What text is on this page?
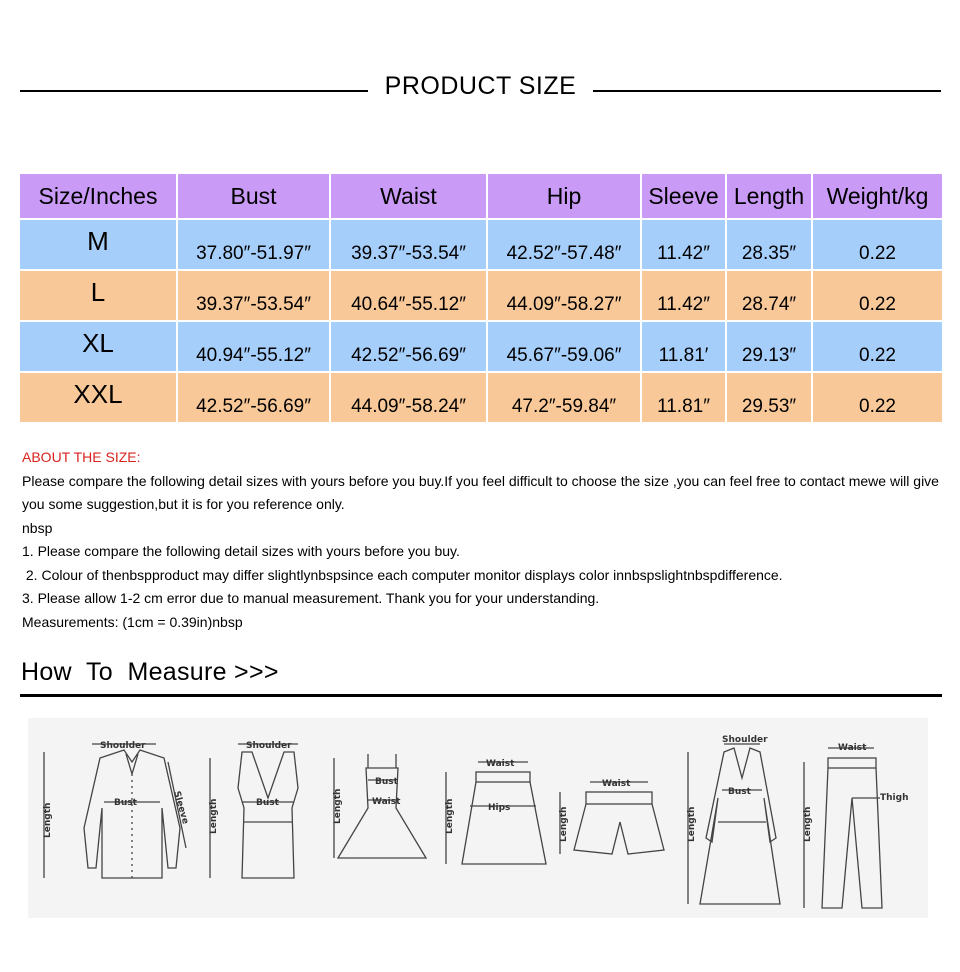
PRODUCT SIZE
Size/Inches	Bust	Waist	Hip	Sleeve	Length	Weight/kg
M	37.80″-51.97″	39.37″-53.54″	42.52″-57.48″	11.42″	28.35″	0.22
L	39.37″-53.54″	40.64″-55.12″	44.09″-58.27″	11.42″	28.74″	0.22
XL	40.94″-55.12″	42.52″-56.69″	45.67″-59.06″	11.81′	29.13″	0.22
XXL	42.52″-56.69″	44.09″-58.24″	47.2″-59.84″	11.81″	29.53″	0.22

ABOUT THE SIZE:

Please compare the following detail sizes with yours before you buy.If you feel difficult to choose the size ,you can feel free to contact mewe will give you some suggestion,but it is for you reference only.

nbsp

1. Please compare the following detail sizes with yours before you buy.

2. Colour of thenbspproduct may differ slightlynbspsince each computer monitor displays color innbspslightnbspdifference.

3. Please allow 1-2 cm error due to manual measurement. Thank you for your understanding.

Measurements: (1cm = 0.39in)nbsp

How  To  Measure >>>
Shoulder
Bust
Length	Sleeve
Shoulder
Bust
Length
Bust
Waist
Length
Waist
Hips
Length
Waist
Length
Shoulder
Bust
Length
Waist
Thigh
Length
